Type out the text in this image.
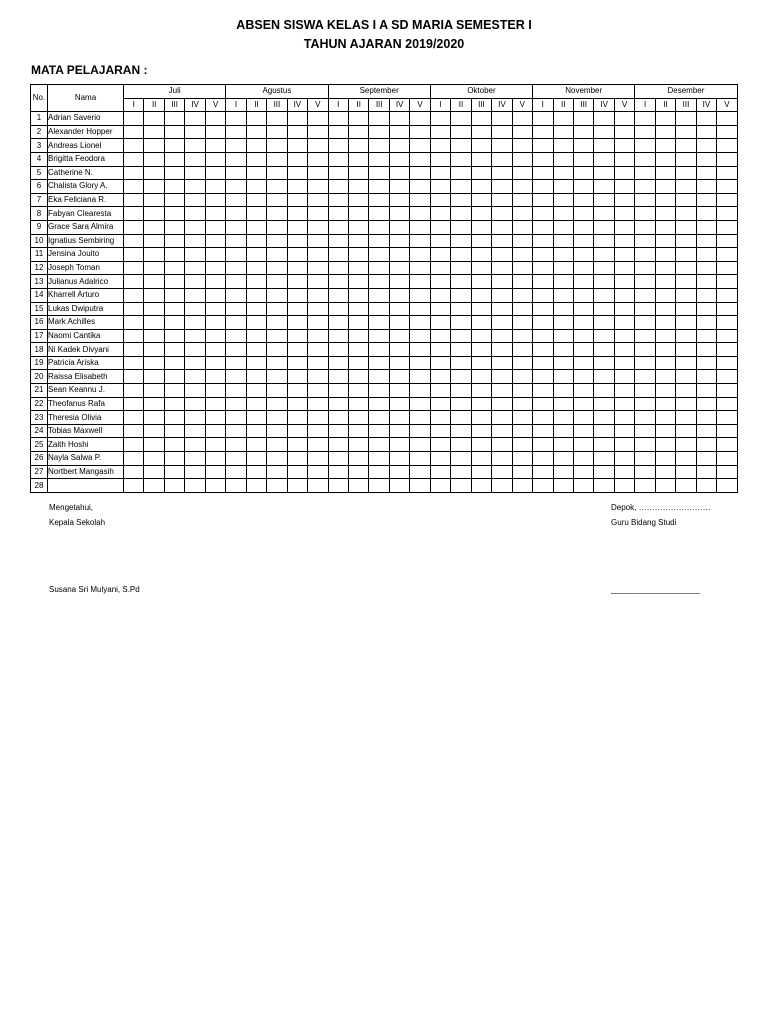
ABSEN SISWA KELAS I A SD MARIA SEMESTER I
TAHUN AJARAN 2019/2020
MATA PELAJARAN :
No.	Nama	Juli					Agustus					September					Oktober					November					Desember				
		I	II	III	IV	V	I	II	III	IV	V	I	II	III	IV	V	I	II	III	IV	V	I	II	III	IV	V	I	II	III	IV	V
1	Adrian Saverio																														
2	Alexander Hopper																														
3	Andreas Lionel																														
4	Brigitta Feodora																														
5	Catherine N.																														
6	Chalista Glory A.																														
7	Eka Feliciana R.																														
8	Fabyan Clearesta																														
9	Grace Sara Almira																														
10	Ignatius Sembiring																														
11	Jensina Jouito																														
12	Joseph Toman																														
13	Julianus Adalrico																														
14	Kharrell Arturo																														
15	Lukas Dwiputra																														
16	Mark Achilles																														
17	Naomi Cantika																														
18	Ni Kadek Divyani																														
19	Patricia Ariska																														
20	Raissa Elisabeth																														
21	Sean Keannu J.																														
22	Theofanus Rafa																														
23	Theresia Olivia																														
24	Tobias Maxwell																														
25	Zaith Hoshi																														
26	Nayla Salwa P.																														
27	Nortbert Mangasih																														
28																															
Mengetahui,
Kepala Sekolah
Susana Sri Mulyani, S.Pd
Depok, ………………………
Guru Bidang Studi
____________________
